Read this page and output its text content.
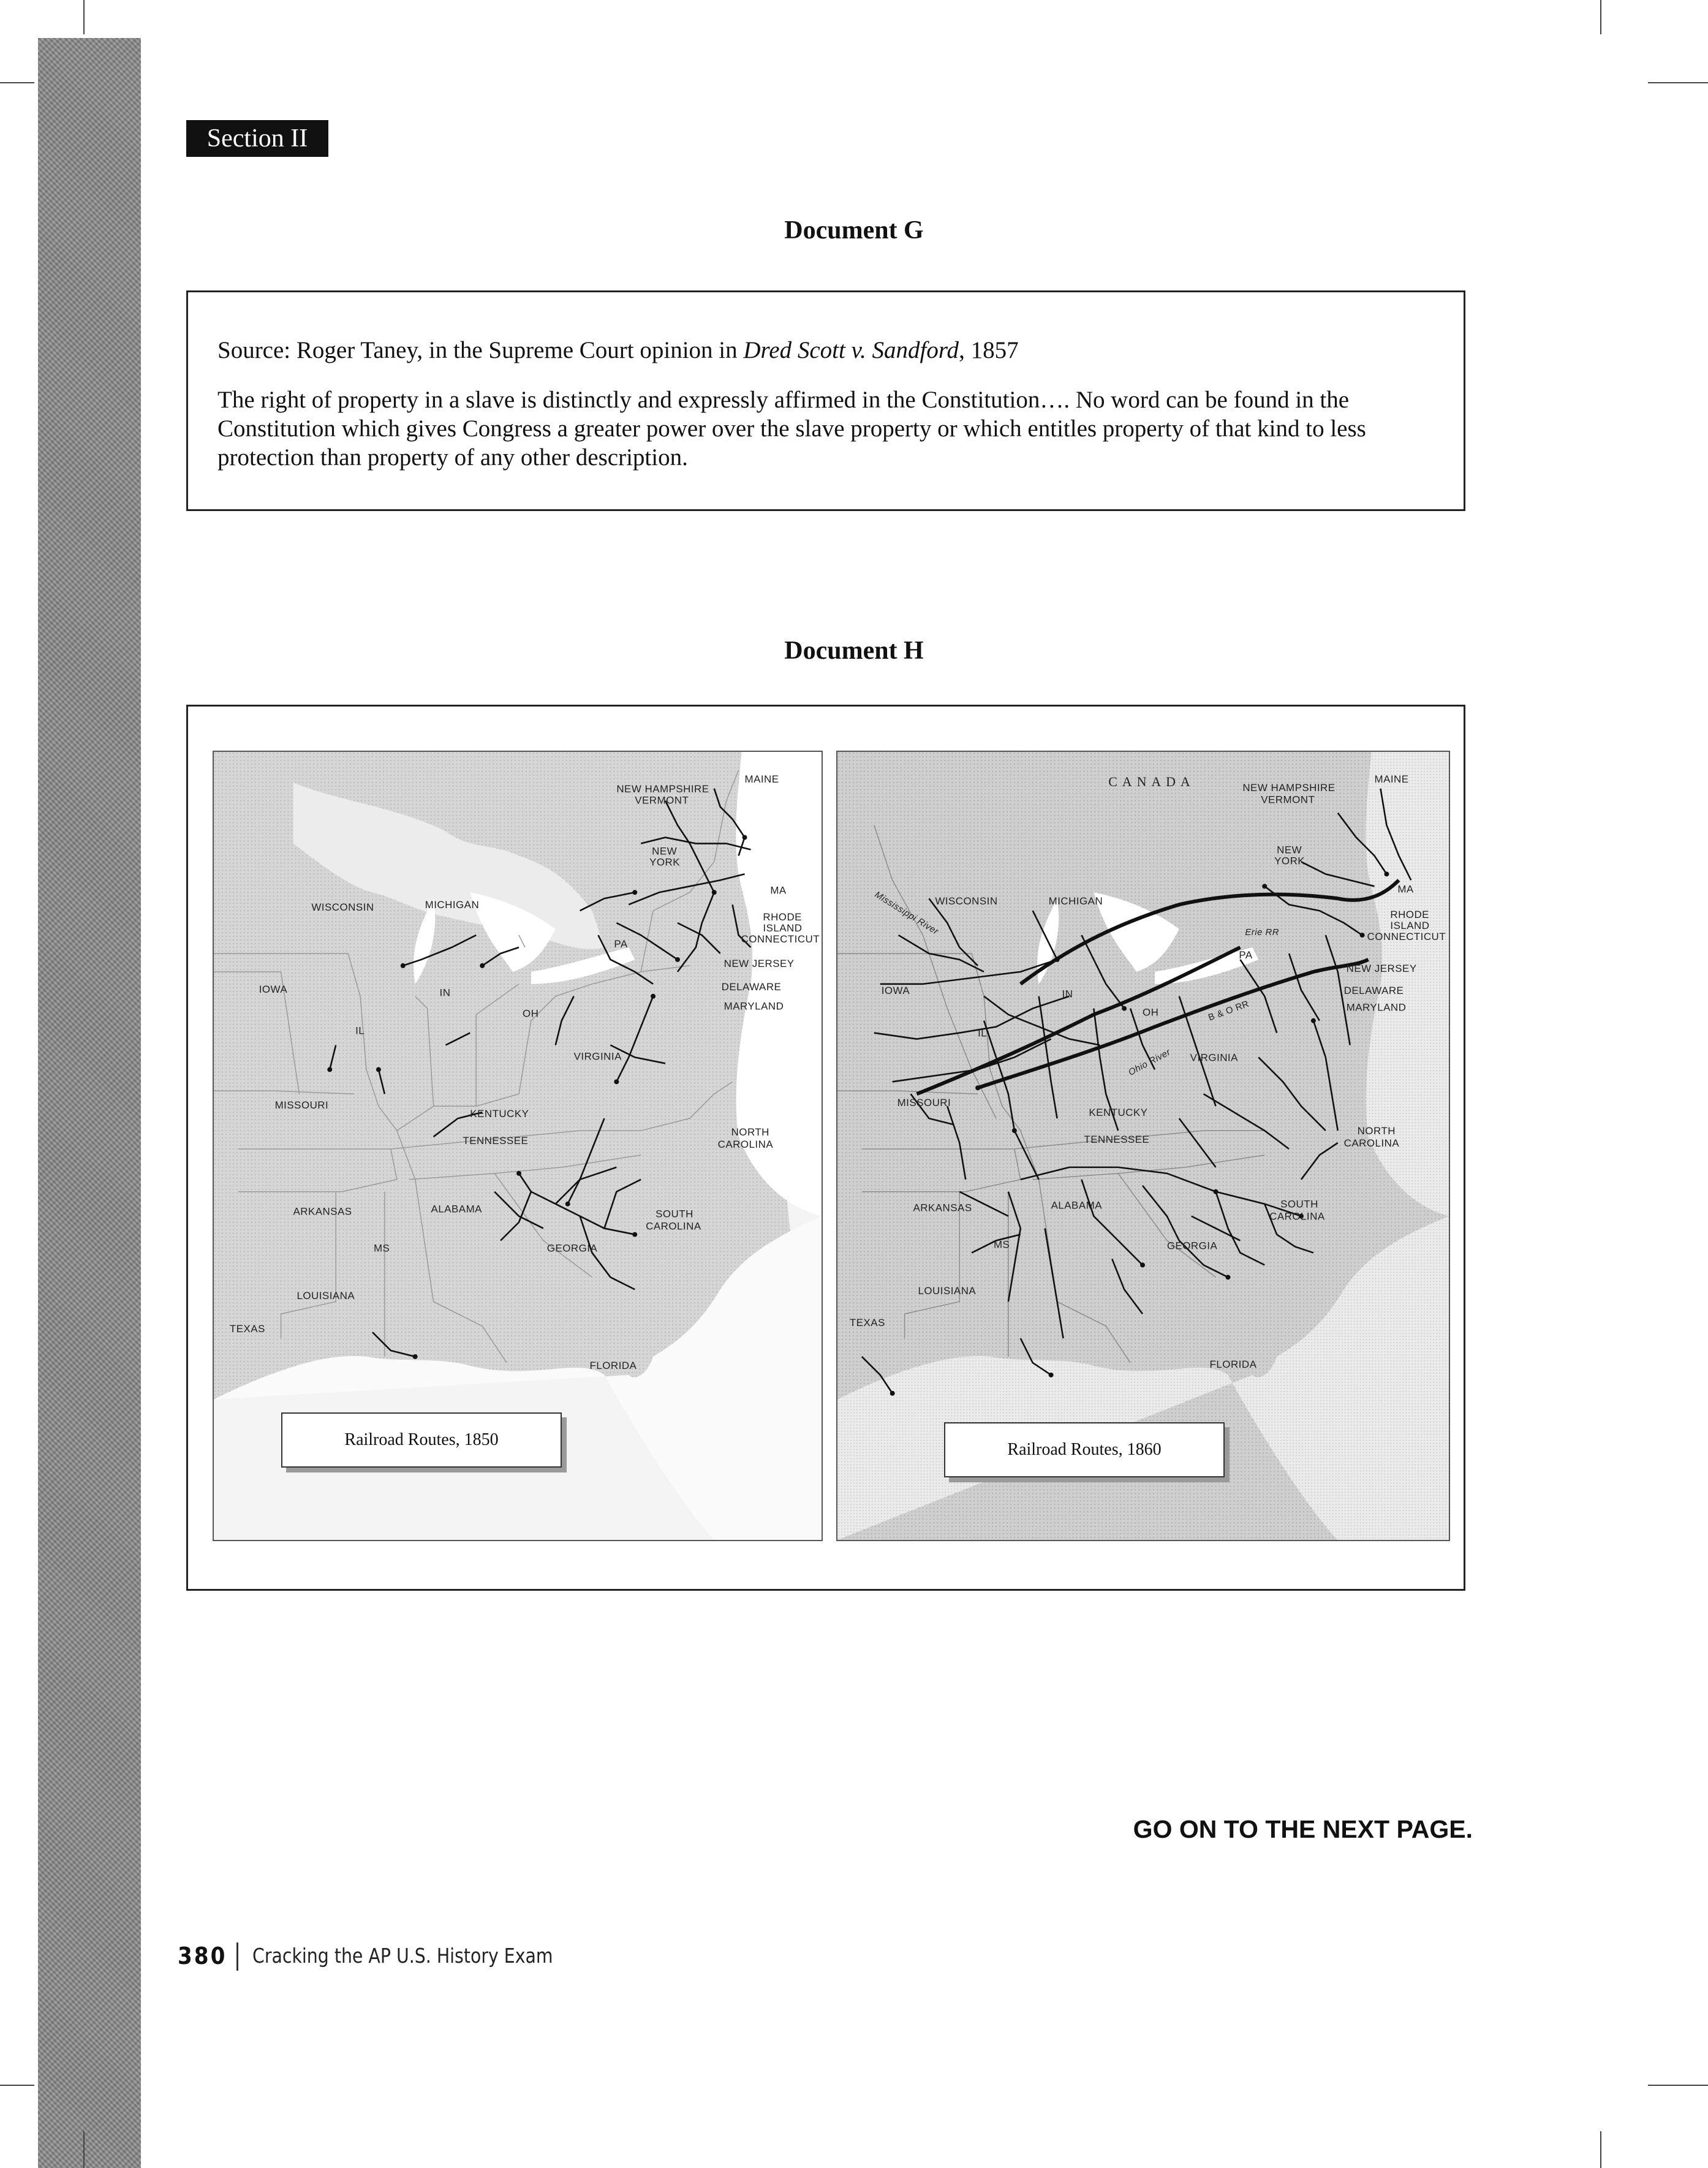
Section II
Document G
Source: Roger Taney, in the Supreme Court opinion in Dred Scott v. Sandford, 1857
The right of property in a slave is distinctly and expressly affirmed in the Constitution…. No word can be found in the Constitution which gives Congress a greater power over the slave property or which entitles property of that kind to less protection than property of any other description.
Document H
NEW HAMPSHIRE
VERMONT
MAINE
NEW
YORK
MA
RHODE
ISLAND
CONNECTICUT
WISCONSIN	MICHIGAN
PA
NEW JERSEY
DELAWARE
MARYLAND
IOWA	IN
OH
IL
VIRGINIA
MISSOURI
KENTUCKY
TENNESSEE
NORTH
CAROLINA
ARKANSAS	ALABAMA	SOUTH
CAROLINA
MS	GEORGIA
LOUISIANA
TEXAS
FLORIDA
Railroad Routes, 1850
CANADA	NEW HAMPSHIRE
VERMONT
MAINE
NEW
YORK
MA
RHODE
ISLAND
CONNECTICUT
Mississippi River
WISCONSIN	MICHIGAN
Erie RR
PA
NEW JERSEY
DELAWARE
MARYLAND
IOWA	IN
OH
IL
B & O RR
Ohio River VIRGINIA
MISSOURI
KENTUCKY
TENNESSEE
NORTH
CAROLINA
ARKANSAS	ALABAMA	SOUTH
CAROLINA
MS	GEORGIA
LOUISIANA
TEXAS
FLORIDA
Railroad Routes, 1860
GO ON TO THE NEXT PAGE.
380 Cracking the AP U.S. History Exam
